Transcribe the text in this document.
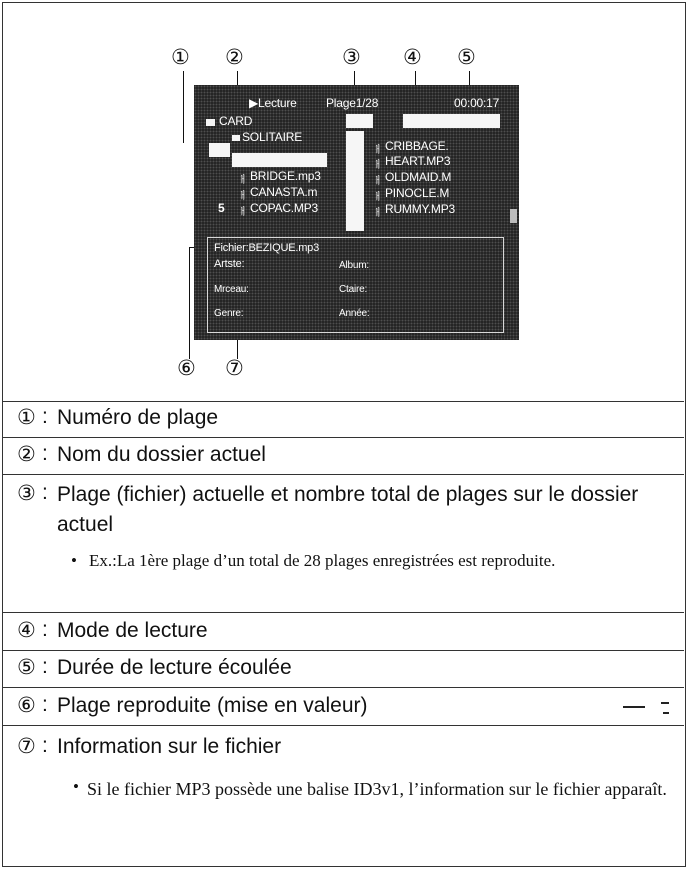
① ②	③ ④ ⑤
⑥ ⑦
▶Lecture Plage1/28	00:00:17
CARD
SOLITAIRE
ㅐ BRIDGE.mp3
ㅐ CANASTA.m
5 ㅐ COPAC.MP3
ㅐ CRIBBAGE.
ㅐ HEART.MP3
ㅐ OLDMAID.M
ㅐ PINOCLE.M
ㅐ RUMMY.MP3
Fichier:BEZIQUE.mp3
Artste:	Album:
Mrceau:	Ctaire:
Genre:	Année:
① : Numéro de plage
② : Nom du dossier actuel
③ : Plage (fichier) actuelle et nombre total de plages sur le dossier actuel
• Ex.:La 1ère plage d’un total de 28 plages enregistrées est reproduite.
④ : Mode de lecture
⑤ : Durée de lecture écoulée
⑥ : Plage reproduite (mise en valeur)
⑦ : Information sur le fichier
• Si le fichier MP3 possède une balise ID3v1, l’information sur le fichier apparaît.
